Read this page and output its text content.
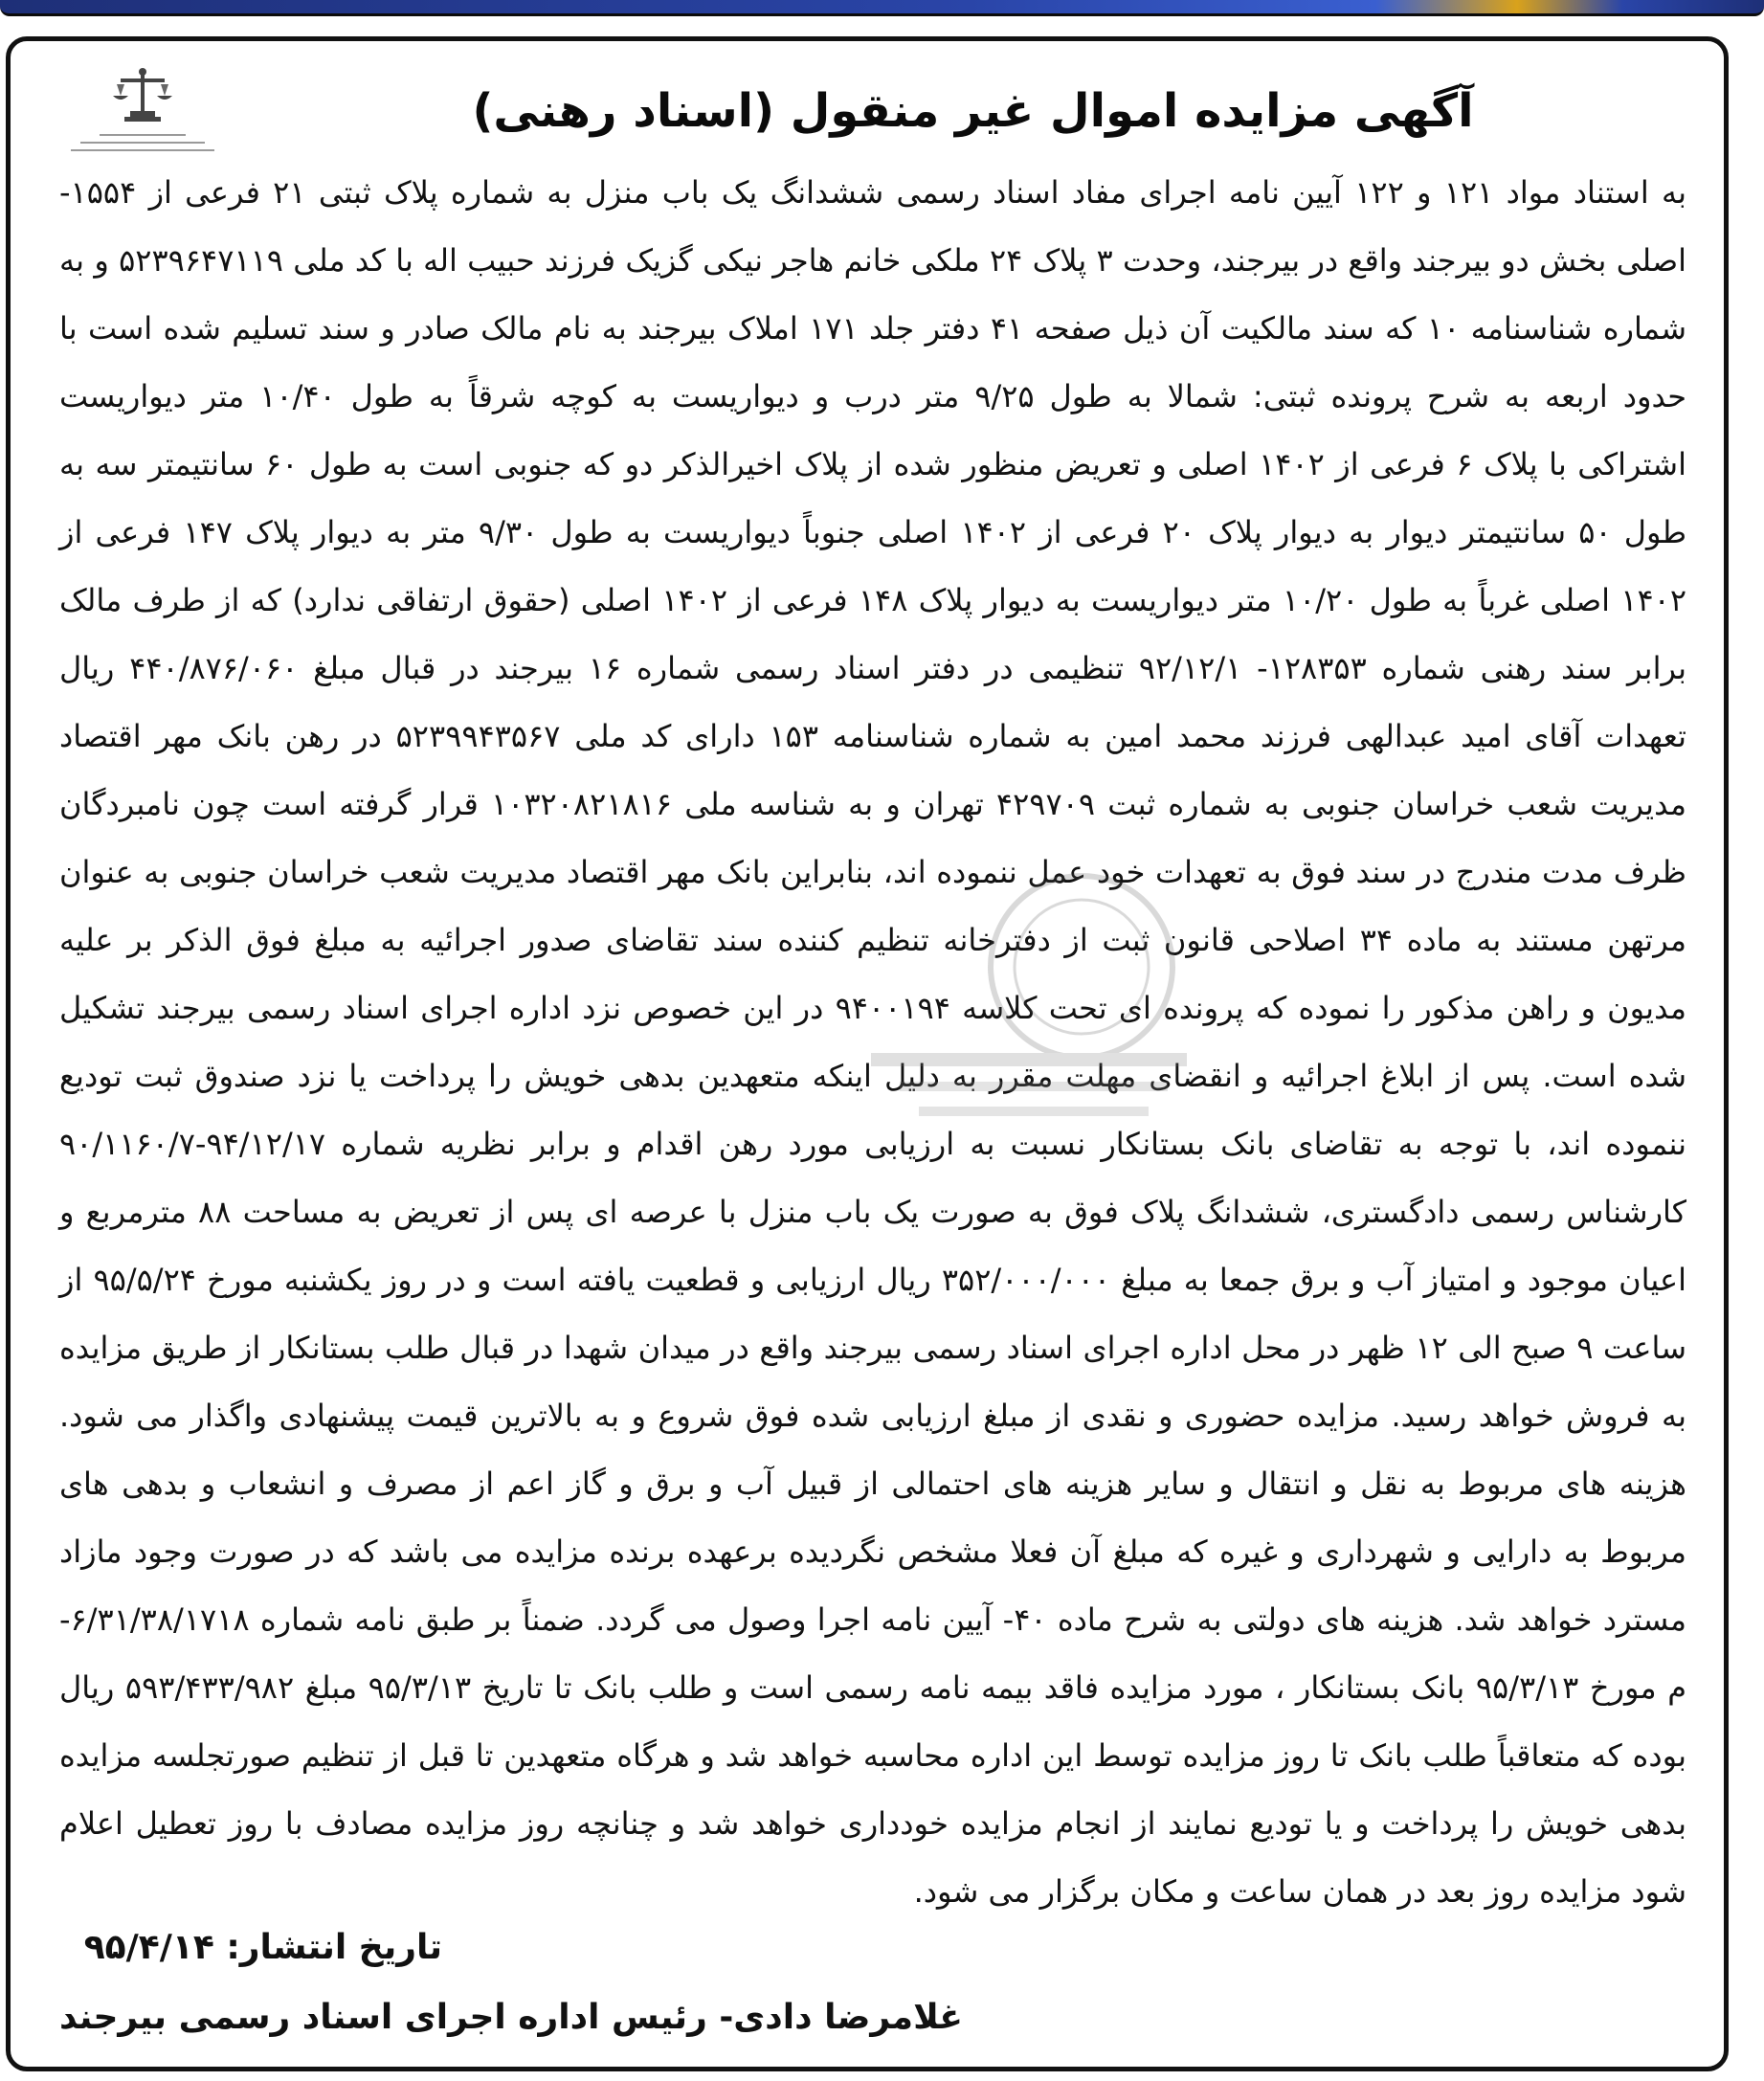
آگهی مزایده اموال غیر منقول (اسناد رهنی)

به استناد مواد ۱۲۱ و ۱۲۲ آیین نامه اجرای مفاد اسناد رسمی ششدانگ یک باب منزل به شماره پلاک ثبتی ۲۱ فرعی از ۱۵۵۴- اصلی بخش دو بیرجند واقع در بیرجند، وحدت ۳ پلاک ۲۴ ملکی خانم هاجر نیکی گزیک فرزند حبیب اله با کد ملی ۵۲۳۹۶۴۷۱۱۹ و به شماره شناسنامه ۱۰ که سند مالکیت آن ذیل صفحه ۴۱ دفتر جلد ۱۷۱ املاک بیرجند به نام مالک صادر و سند تسلیم شده است با حدود اربعه به شرح پرونده ثبتی: شمالا به طول ۹/۲۵ متر درب و دیواریست به کوچه شرقاً به طول ۱۰/۴۰ متر دیواریست اشتراکی با پلاک ۶ فرعی از ۱۴۰۲ اصلی و تعریض منظور شده از پلاک اخیرالذکر دو که جنوبی است به طول ۶۰ سانتیمتر سه به طول ۵۰ سانتیمتر دیوار به دیوار پلاک ۲۰ فرعی از ۱۴۰۲ اصلی جنوباً دیواریست به طول ۹/۳۰ متر به دیوار پلاک ۱۴۷ فرعی از ۱۴۰۲ اصلی غرباً به طول ۱۰/۲۰ متر دیواریست به دیوار پلاک ۱۴۸ فرعی از ۱۴۰۲ اصلی (حقوق ارتفاقی ندارد) که از طرف مالک برابر سند رهنی شماره ۱۲۸۳۵۳- ۹۲/۱۲/۱ تنظیمی در دفتر اسناد رسمی شماره ۱۶ بیرجند در قبال مبلغ ۴۴۰/۸۷۶/۰۶۰ ریال تعهدات آقای امید عبدالهی فرزند محمد امین به شماره شناسنامه ۱۵۳ دارای کد ملی ۵۲۳۹۹۴۳۵۶۷ در رهن بانک مهر اقتصاد مدیریت شعب خراسان جنوبی به شماره ثبت ۴۲۹۷۰۹ تهران و به شناسه ملی ۱۰۳۲۰۸۲۱۸۱۶ قرار گرفته است چون نامبردگان ظرف مدت مندرج در سند فوق به تعهدات خود عمل ننموده اند، بنابراین بانک مهر اقتصاد مدیریت شعب خراسان جنوبی به عنوان مرتهن مستند به ماده ۳۴ اصلاحی قانون ثبت از دفترخانه تنظیم کننده سند تقاضای صدور اجرائیه به مبلغ فوق الذکر بر علیه مدیون و راهن مذکور را نموده که پرونده ای تحت کلاسه ۹۴۰۰۱۹۴ در این خصوص نزد اداره اجرای اسناد رسمی بیرجند تشکیل شده است. پس از ابلاغ اجرائیه و انقضای مهلت مقرر به دلیل اینکه متعهدین بدهی خویش را پرداخت یا نزد صندوق ثبت تودیع ننموده اند، با توجه به تقاضای بانک بستانکار نسبت به ارزیابی مورد رهن اقدام و برابر نظریه شماره ۹۴/۱۲/۱۷-۹۰/۱۱۶۰/۷ کارشناس رسمی دادگستری، ششدانگ پلاک فوق به صورت یک باب منزل با عرصه ای پس از تعریض به مساحت ۸۸ مترمربع و اعیان موجود و امتیاز آب و برق جمعا به مبلغ ۳۵۲/۰۰۰/۰۰۰ ریال ارزیابی و قطعیت یافته است و در روز یکشنبه مورخ ۹۵/۵/۲۴ از ساعت ۹ صبح الی ۱۲ ظهر در محل اداره اجرای اسناد رسمی بیرجند واقع در میدان شهدا در قبال طلب بستانکار از طریق مزایده به فروش خواهد رسید. مزایده حضوری و نقدی از مبلغ ارزیابی شده فوق شروع و به بالاترین قیمت پیشنهادی واگذار می شود. هزینه های مربوط به نقل و انتقال و سایر هزینه های احتمالی از قبیل آب و برق و گاز اعم از مصرف و انشعاب و بدهی های مربوط به دارایی و شهرداری و غیره که مبلغ آن فعلا مشخص نگردیده برعهده برنده مزایده می باشد که در صورت وجود مازاد مسترد خواهد شد. هزینه های دولتی به شرح ماده ۴۰- آیین نامه اجرا وصول می گردد. ضمناً بر طبق نامه شماره ۶/۳۱/۳۸/۱۷۱۸- م مورخ ۹۵/۳/۱۳ بانک بستانکار ، مورد مزایده فاقد بیمه نامه رسمی است و طلب بانک تا تاریخ ۹۵/۳/۱۳ مبلغ ۵۹۳/۴۳۳/۹۸۲ ریال بوده که متعاقباً طلب بانک تا روز مزایده توسط این اداره محاسبه خواهد شد و هرگاه متعهدین تا قبل از تنظیم صورتجلسه مزایده بدهی خویش را پرداخت و یا تودیع نمایند از انجام مزایده خودداری خواهد شد و چنانچه روز مزایده مصادف با روز تعطیل اعلام شود مزایده روز بعد در همان ساعت و مکان برگزار می شود.

تاریخ انتشار: ۹۵/۴/۱۴
غلامرضا دادی- رئیس اداره اجرای اسناد رسمی بیرجند
